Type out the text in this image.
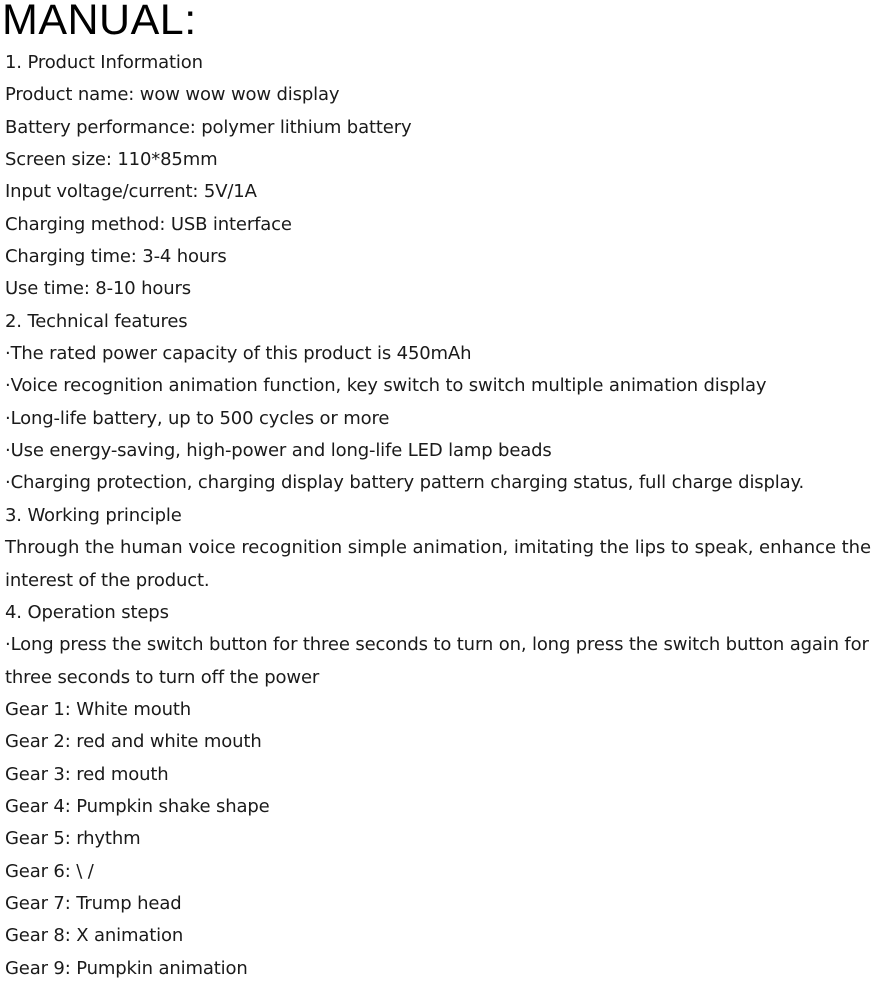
MANUAL:
1. Product Information
Product name: wow wow wow display
Battery performance: polymer lithium battery
Screen size: 110*85mm
Input voltage/current: 5V/1A
Charging method: USB interface
Charging time: 3-4 hours
Use time: 8-10 hours
2. Technical features
·The rated power capacity of this product is 450mAh
·Voice recognition animation function, key switch to switch multiple animation display
·Long-life battery, up to 500 cycles or more
·Use energy-saving, high-power and long-life LED lamp beads
·Charging protection, charging display battery pattern charging status, full charge display.
3. Working principle
Through the human voice recognition simple animation, imitating the lips to speak, enhance the
interest of the product.
4. Operation steps
·Long press the switch button for three seconds to turn on, long press the switch button again for
three seconds to turn off the power
Gear 1: White mouth
Gear 2: red and white mouth
Gear 3: red mouth
Gear 4: Pumpkin shake shape
Gear 5: rhythm
Gear 6: \ /
Gear 7: Trump head
Gear 8: X animation
Gear 9: Pumpkin animation
